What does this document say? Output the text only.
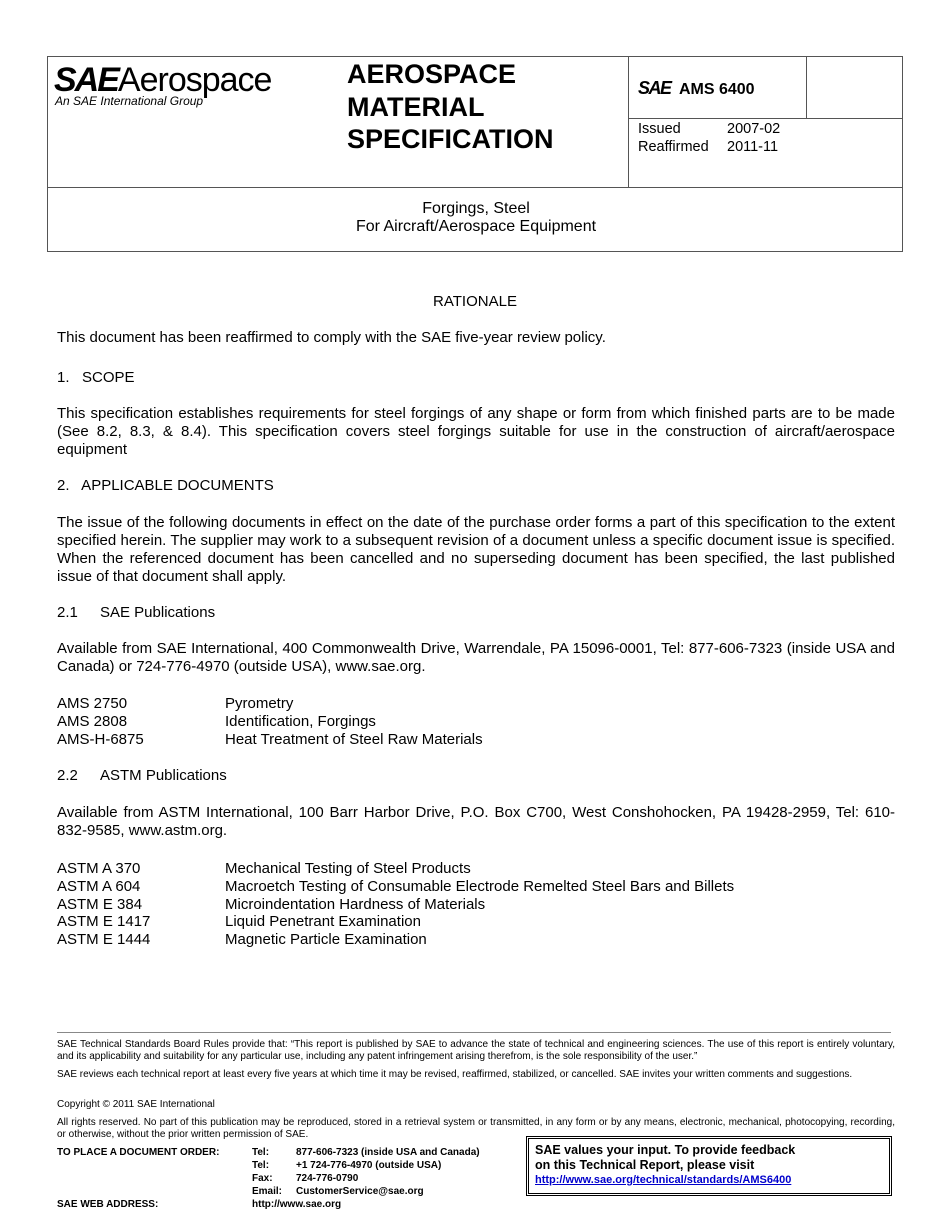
SAEAerospace
An SAE International Group
AEROSPACE
MATERIAL
SPECIFICATION
SAE AMS 6400
Issued	2007-02
Reaffirmed 2011-11
Forgings, Steel
For Aircraft/Aerospace Equipment
RATIONALE
This document has been reaffirmed to comply with the SAE five-year review policy.
1.   SCOPE
This specification establishes requirements for steel forgings of any shape or form from which finished parts are to be made (See 8.2, 8.3, & 8.4). This specification covers steel forgings suitable for use in the construction of aircraft/aerospace equipment
2.   APPLICABLE DOCUMENTS
The issue of the following documents in effect on the date of the purchase order forms a part of this specification to the extent specified herein. The supplier may work to a subsequent revision of a document unless a specific document issue is specified. When the referenced document has been cancelled and no superseding document has been specified, the last published issue of that document shall apply.
2.1 SAE Publications
Available from SAE International, 400 Commonwealth Drive, Warrendale, PA 15096-0001, Tel: 877-606-7323 (inside USA and Canada) or 724-776-4970 (outside USA), www.sae.org.
AMS 2750	Pyrometry
AMS 2808	Identification, Forgings
AMS-H-6875	Heat Treatment of Steel Raw Materials
2.2 ASTM Publications
Available from ASTM International, 100 Barr Harbor Drive, P.O. Box C700, West Conshohocken, PA 19428-2959, Tel: 610-832-9585, www.astm.org.
ASTM A 370	Mechanical Testing of Steel Products
ASTM A 604	Macroetch Testing of Consumable Electrode Remelted Steel Bars and Billets
ASTM E 384	Microindentation Hardness of Materials
ASTM E 1417	Liquid Penetrant Examination
ASTM E 1444	Magnetic Particle Examination
SAE Technical Standards Board Rules provide that: “This report is published by SAE to advance the state of technical and engineering sciences. The use of this report is entirely voluntary, and its applicability and suitability for any particular use, including any patent infringement arising therefrom, is the sole responsibility of the user.”
SAE reviews each technical report at least every five years at which time it may be revised, reaffirmed, stabilized, or cancelled. SAE invites your written comments and suggestions.
Copyright © 2011 SAE International
All rights reserved. No part of this publication may be reproduced, stored in a retrieval system or transmitted, in any form or by any means, electronic, mechanical, photocopying, recording, or otherwise, without the prior written permission of SAE.
TO PLACE A DOCUMENT ORDER:	Tel:	877-606-7323 (inside USA and Canada)
Tel:	+1 724-776-4970 (outside USA)
Fax: 724-776-0790
Email: CustomerService@sae.org
SAE WEB ADDRESS:	http://www.sae.org
SAE values your input. To provide feedback
on this Technical Report, please visit
http://www.sae.org/technical/standards/AMS6400
